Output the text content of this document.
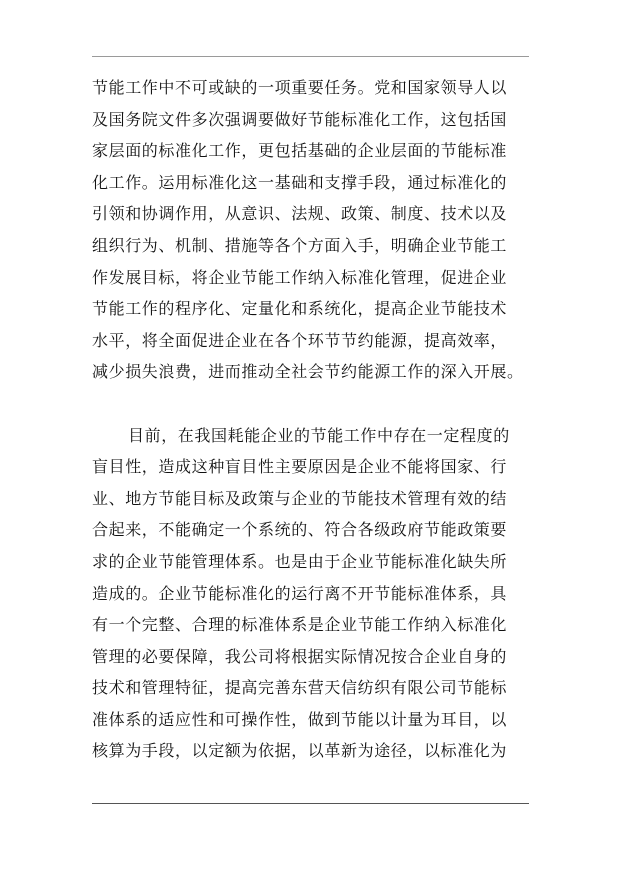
节能工作中不可或缺的一项重要任务。党和国家领导人以
及国务院文件多次强调要做好节能标准化工作，这包括国
家层面的标准化工作，更包括基础的企业层面的节能标准
化工作。运用标准化这一基础和支撑手段，通过标准化的
引领和协调作用，从意识、法规、政策、制度、技术以及
组织行为、机制、措施等各个方面入手，明确企业节能工
作发展目标，将企业节能工作纳入标准化管理，促进企业
节能工作的程序化、定量化和系统化，提高企业节能技术
水平，将全面促进企业在各个环节节约能源，提高效率，
减少损失浪费，进而推动全社会节约能源工作的深入开展。
目前，在我国耗能企业的节能工作中存在一定程度的
盲目性，造成这种盲目性主要原因是企业不能将国家、行
业、地方节能目标及政策与企业的节能技术管理有效的结
合起来，不能确定一个系统的、符合各级政府节能政策要
求的企业节能管理体系。也是由于企业节能标准化缺失所
造成的。企业节能标准化的运行离不开节能标准体系，具
有一个完整、合理的标准体系是企业节能工作纳入标准化
管理的必要保障，我公司将根据实际情况按合企业自身的
技术和管理特征，提高完善东营天信纺织有限公司节能标
准体系的适应性和可操作性，做到节能以计量为耳目，以
核算为手段，以定额为依据，以革新为途径，以标准化为
